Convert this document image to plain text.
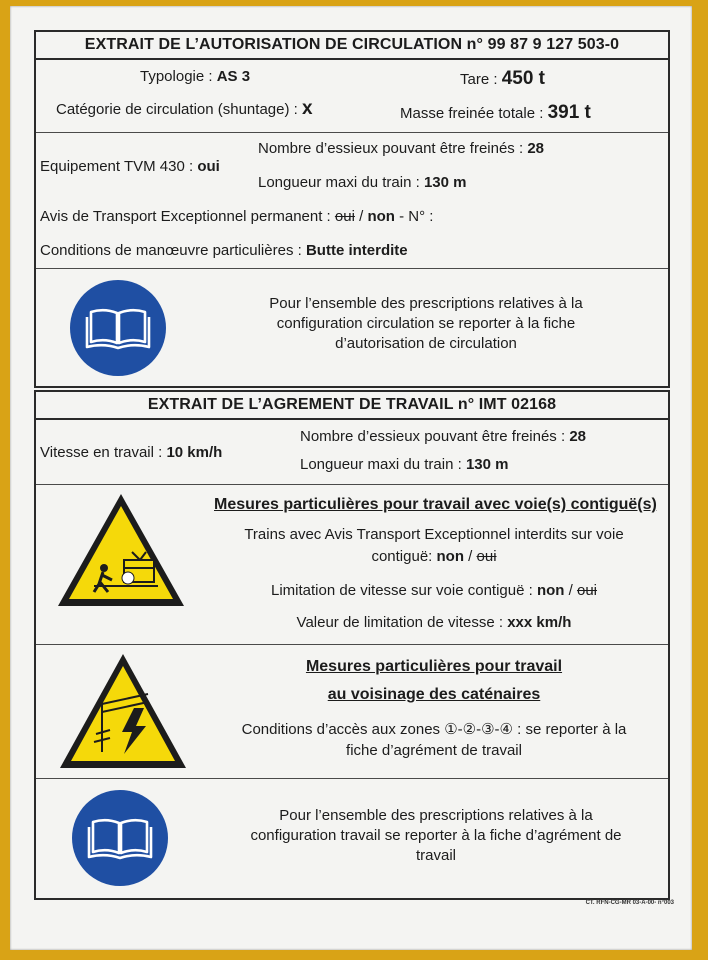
EXTRAIT DE L’AUTORISATION DE CIRCULATION n° 99 87 9 127 503-0
Typologie : AS 3	Tare : 450 t
Catégorie de circulation (shuntage) : x	Masse freinée totale : 391 t
Nombre d’essieux pouvant être freinés : 28
Equipement TVM 430 : oui
Longueur maxi du train : 130 m
Avis de Transport Exceptionnel permanent : oui / non - N° :
Conditions de manœuvre particulières : Butte interdite
Pour l’ensemble des prescriptions relatives à la
configuration circulation se reporter à la fiche
d’autorisation de circulation
EXTRAIT DE L’AGREMENT DE TRAVAIL n° IMT 02168
Nombre d’essieux pouvant être freinés : 28
Vitesse en travail : 10 km/h
Longueur maxi du train : 130 m
Mesures particulières pour travail avec voie(s) contiguë(s)
Trains avec Avis Transport Exceptionnel interdits sur voie
contiguë: non / oui
Limitation de vitesse sur voie contiguë : non / oui
Valeur de limitation de vitesse : xxx km/h
Mesures particulières pour travail
au voisinage des caténaires
Conditions d’accès aux zones ①-②-③-④ : se reporter à la
fiche d’agrément de travail
Pour l’ensemble des prescriptions relatives à la
configuration travail se reporter à la fiche d’agrément de
travail
CT. RFN-CG-MR 03-A-00- n°003
